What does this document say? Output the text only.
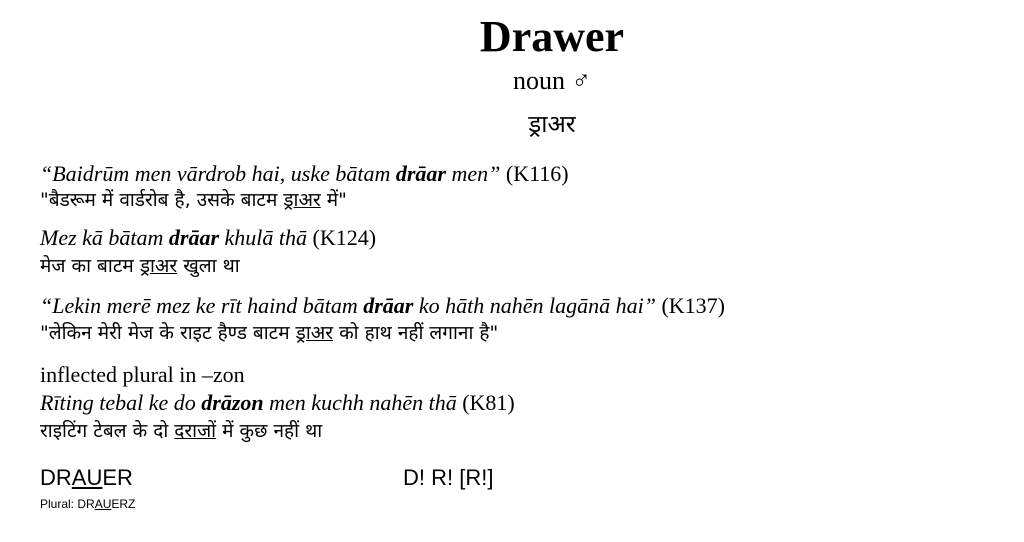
Drawer
noun ♂
ड्राअर
“Baidrūm men vārdrob hai, uske bātam drāar men” (K116)
"बैडरूम में वार्डरोब है, उसके बाटम ड्राअर में"
Mez kā bātam drāar khulā thā (K124)
मेज का बाटम ड्राअर खुला था
“Lekin merē mez ke rīt haind bātam drāar ko hāth nahēn lagānā hai” (K137)
"लेकिन मेरी मेज के राइट हैण्ड बाटम ड्राअर को हाथ नहीं लगाना है"
inflected plural in –zon
Rīting tebal ke do drāzon men kuchh nahēn thā (K81)
राइटिंग टेबल के दो दराजों में कुछ नहीं था
DRAUER	D! R! [R!]
Plural: DRAUERZ
